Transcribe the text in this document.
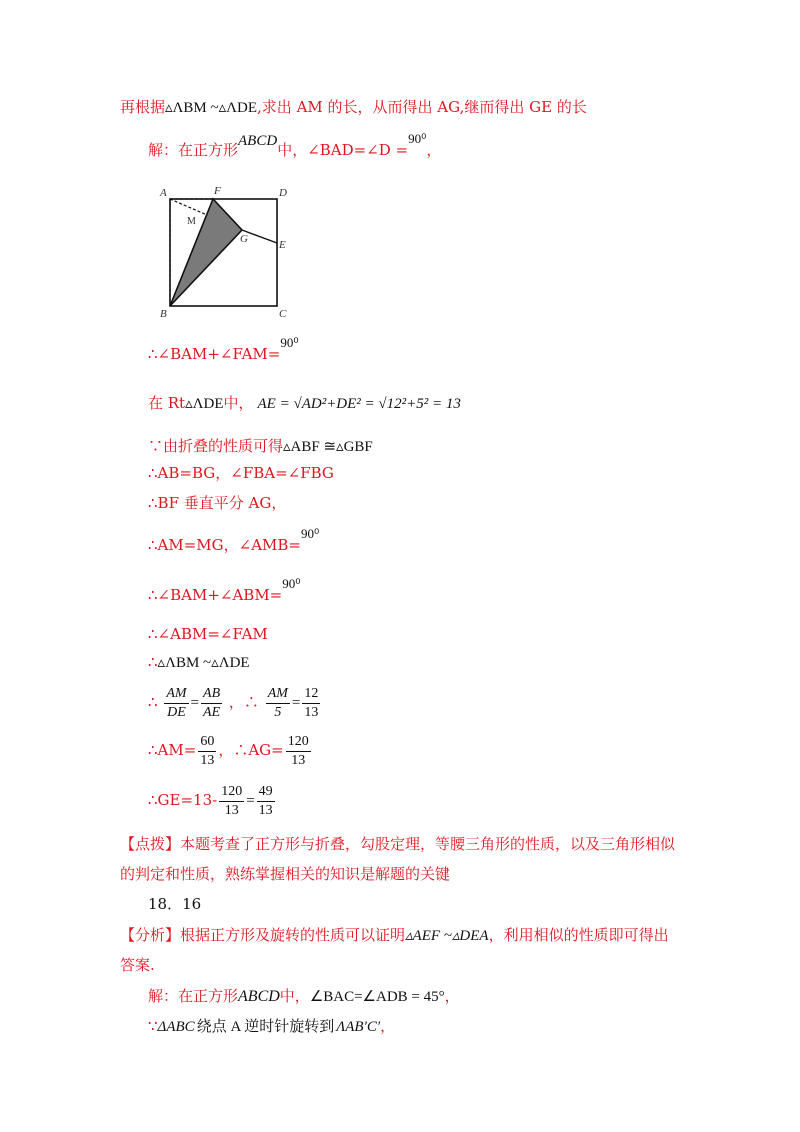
再根据▵ΛBM ~▵ΛDE,求出 AM 的长，从而得出 AG,继而得出 GE 的长
解：在正方形ABCD中，∠BAD=∠D =90⁰，
A	F	D
M
G	E
B	C
∴∠BAM+∠FAM=90⁰
在 Rt▵ΛDE中， AE = √AD²+DE² = √12²+5² = 13
∵由折叠的性质可得▵ABF ≅▵GBF
∴AB=BG，∠FBA=∠FBG
∴BF 垂直平分 AG，
∴AM=MG，∠AMB=90⁰
∴∠BAM+∠ABM=90⁰
∴∠ABM=∠FAM
∴▵ΛBM ~▵ΛDE
∴ $\frac{AM}{DE} = \frac{AB}{AE}$ ，∴ $\frac{AM}{5} = \frac{12}{13}$
∴AM= $\frac{60}{13}$ ，∴AG= $\frac{120}{13}$
∴GE=13- $\frac{120}{13} = \frac{49}{13}$
【点拨】本题考查了正方形与折叠，勾股定理，等腰三角形的性质，以及三角形相似
的判定和性质，熟练掌握相关的知识是解题的关键
18．16
【分析】根据正方形及旋转的性质可以证明▵AEF ~▵DEA，利用相似的性质即可得出
答案.
解：在正方形ABCD中，∠BAC=∠ADB = 45°，
∵ΔABC 绕点 A 逆时针旋转到 ΛAB′C′，
